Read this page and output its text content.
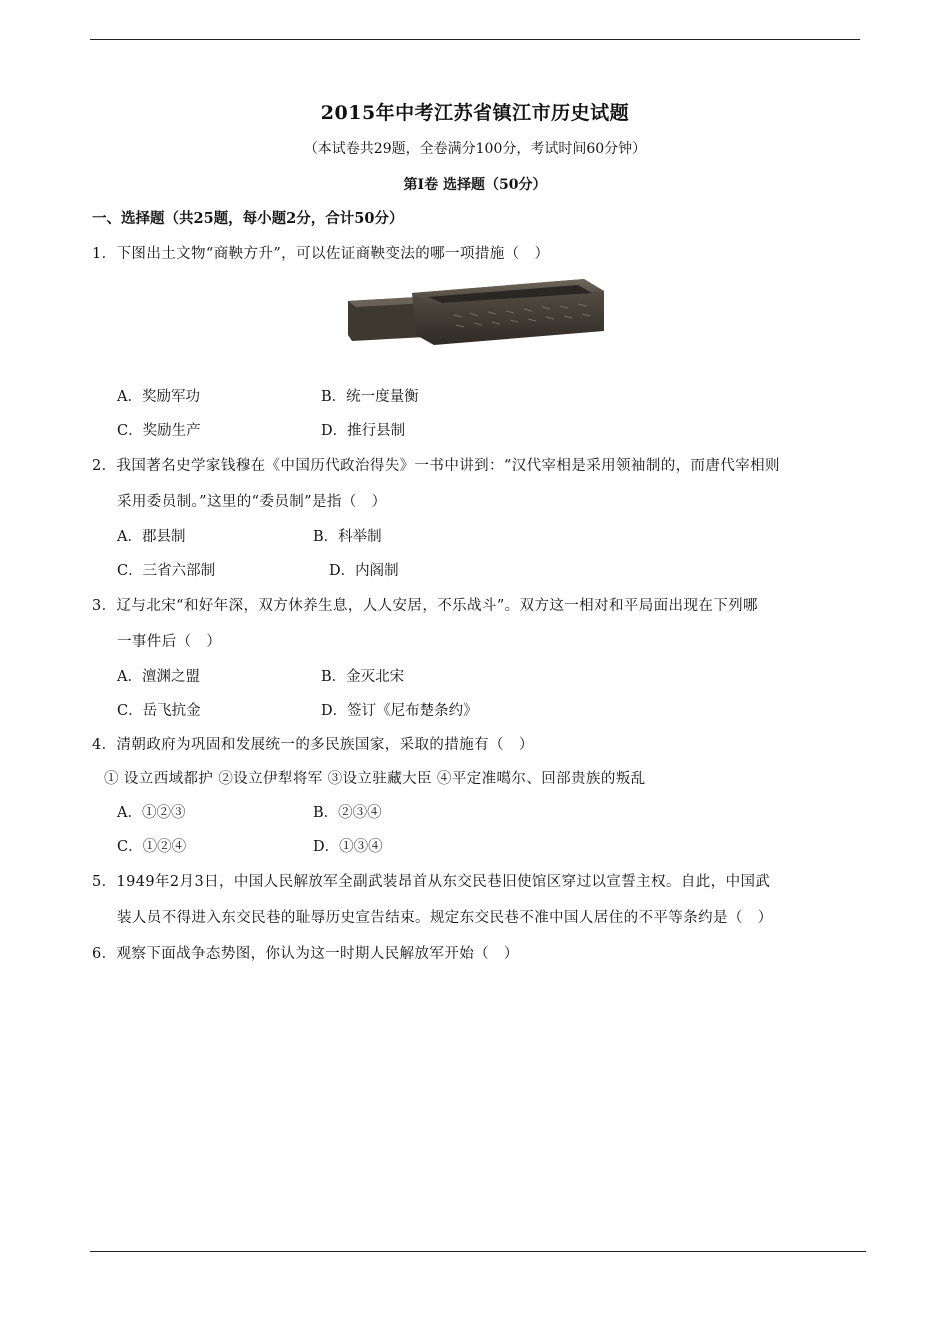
2015年中考江苏省镇江市历史试题
（本试卷共29题，全卷满分100分，考试时间60分钟）
第I卷 选择题（50分）
一、选择题（共25题，每小题2分，合计50分）
1．下图出土文物“商鞅方升”，可以佐证商鞅变法的哪一项措施（　）
A．奖励军功	B．统一度量衡
C．奖励生产	D．推行县制
2．我国著名史学家钱穆在《中国历代政治得失》一书中讲到：“汉代宰相是采用领袖制的，而唐代宰相则
采用委员制。”这里的“委员制”是指（　）
A．郡县制	B．科举制
C．三省六部制	D．内阁制
3．辽与北宋“和好年深，双方休养生息，人人安居，不乐战斗”。双方这一相对和平局面出现在下列哪
一事件后（　）
A．澶渊之盟	B．金灭北宋
C．岳飞抗金	D．签订《尼布楚条约》
4．清朝政府为巩固和发展统一的多民族国家，采取的措施有（　）
① 设立西域都护 ②设立伊犁将军 ③设立驻藏大臣 ④平定准噶尔、回部贵族的叛乱
A．①②③	B．②③④
C．①②④	D．①③④
5．1949年2月3日，中国人民解放军全副武装昂首从东交民巷旧使馆区穿过以宣誓主权。自此，中国武
装人员不得进入东交民巷的耻辱历史宣告结束。规定东交民巷不准中国人居住的不平等条约是（　）
6．观察下面战争态势图，你认为这一时期人民解放军开始（　）
